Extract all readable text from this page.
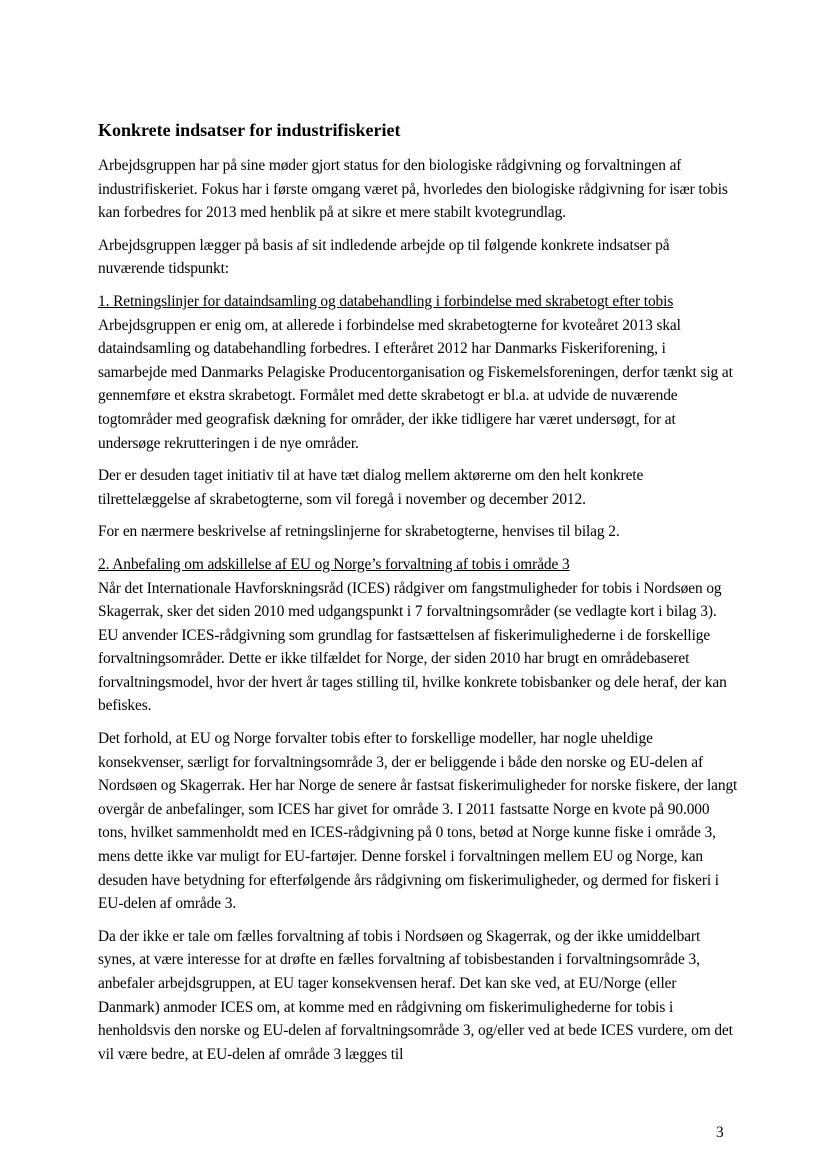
Konkrete indsatser for industrifiskeriet

Arbejdsgruppen har på sine møder gjort status for den biologiske rådgivning og forvaltningen af industrifiskeriet. Fokus har i første omgang været på, hvorledes den biologiske rådgivning for især tobis kan forbedres for 2013 med henblik på at sikre et mere stabilt kvotegrundlag.

Arbejdsgruppen lægger på basis af sit indledende arbejde op til følgende konkrete indsatser på nuværende tidspunkt:

1. Retningslinjer for dataindsamling og databehandling i forbindelse med skrabetogt efter tobis
Arbejdsgruppen er enig om, at allerede i forbindelse med skrabetogterne for kvoteåret 2013 skal dataindsamling og databehandling forbedres. I efteråret 2012 har Danmarks Fiskeriforening, i samarbejde med Danmarks Pelagiske Producentorganisation og Fiskemelsforeningen, derfor tænkt sig at gennemføre et ekstra skrabetogt. Formålet med dette skrabetogt er bl.a. at udvide de nuværende togtområder med geografisk dækning for områder, der ikke tidligere har været undersøgt, for at undersøge rekrutteringen i de nye områder.

Der er desuden taget initiativ til at have tæt dialog mellem aktørerne om den helt konkrete tilrettelæggelse af skrabetogterne, som vil foregå i november og december 2012.

For en nærmere beskrivelse af retningslinjerne for skrabetogterne, henvises til bilag 2.

2. Anbefaling om adskillelse af EU og Norge’s forvaltning af tobis i område 3
Når det Internationale Havforskningsråd (ICES) rådgiver om fangstmuligheder for tobis i Nordsøen og Skagerrak, sker det siden 2010 med udgangspunkt i 7 forvaltningsområder (se vedlagte kort i bilag 3). EU anvender ICES-rådgivning som grundlag for fastsættelsen af fiskerimulighederne i de forskellige forvaltningsområder. Dette er ikke tilfældet for Norge, der siden 2010 har brugt en områdebaseret forvaltningsmodel, hvor der hvert år tages stilling til, hvilke konkrete tobisbanker og dele heraf, der kan befiskes.

Det forhold, at EU og Norge forvalter tobis efter to forskellige modeller, har nogle uheldige konsekvenser, særligt for forvaltningsområde 3, der er beliggende i både den norske og EU-delen af Nordsøen og Skagerrak. Her har Norge de senere år fastsat fiskerimuligheder for norske fiskere, der langt overgår de anbefalinger, som ICES har givet for område 3. I 2011 fastsatte Norge en kvote på 90.000 tons, hvilket sammenholdt med en ICES-rådgivning på 0 tons, betød at Norge kunne fiske i område 3, mens dette ikke var muligt for EU-fartøjer. Denne forskel i forvaltningen mellem EU og Norge, kan desuden have betydning for efterfølgende års rådgivning om fiskerimuligheder, og dermed for fiskeri i EU-delen af område 3.

Da der ikke er tale om fælles forvaltning af tobis i Nordsøen og Skagerrak, og der ikke umiddelbart synes, at være interesse for at drøfte en fælles forvaltning af tobisbestanden i forvaltningsområde 3, anbefaler arbejdsgruppen, at EU tager konsekvensen heraf. Det kan ske ved, at EU/Norge (eller Danmark) anmoder ICES om, at komme med en rådgivning om fiskerimulighederne for tobis i henholdsvis den norske og EU-delen af forvaltningsområde 3, og/eller ved at bede ICES vurdere, om det vil være bedre, at EU-delen af område 3 lægges til

3
